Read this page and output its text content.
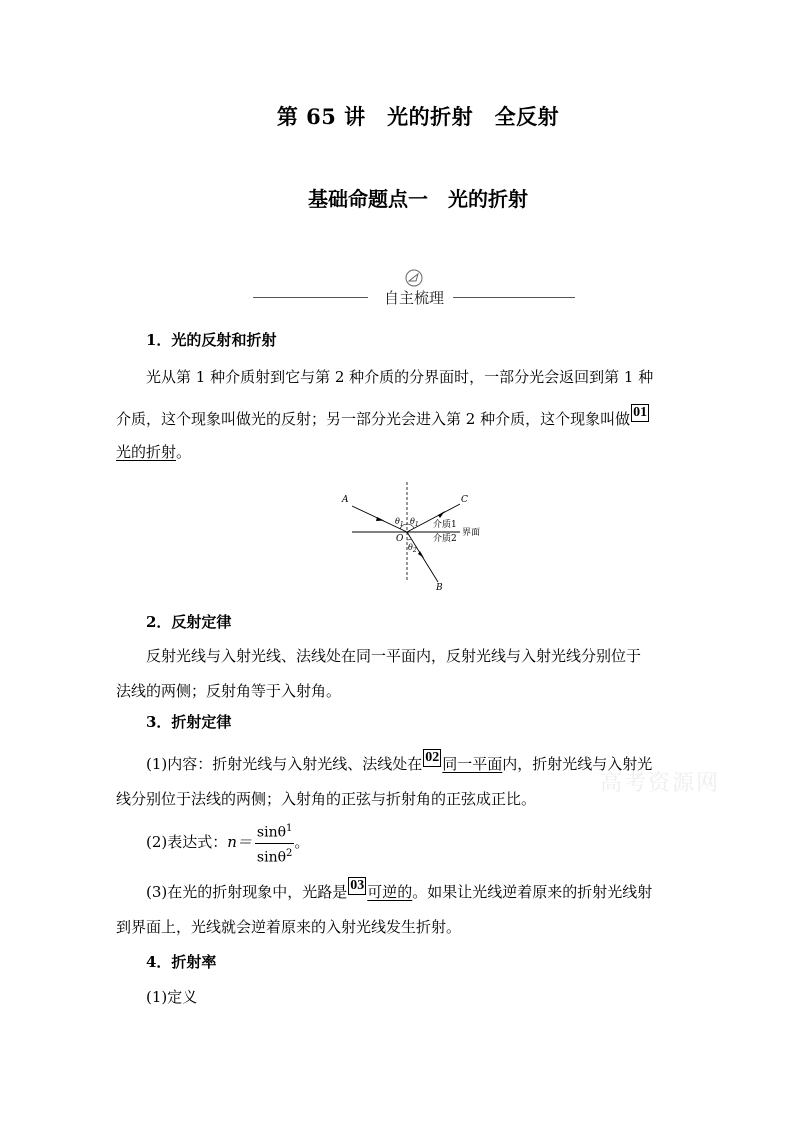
第 65 讲　光的折射　全反射
基础命题点一　光的折射
自主梳理
1．光的反射和折射
光从第 1 种介质射到它与第 2 种介质的分界面时，一部分光会返回到第 1 种
介质，这个现象叫做光的反射；另一部分光会进入第 2 种介质，这个现象叫做 01
光的折射。
A	C
B
O
$\theta_1$ $\theta_1$
$\theta_2$
介质1
介质2
界面
2．反射定律
反射光线与入射光线、法线处在同一平面内，反射光线与入射光线分别位于
法线的两侧；反射角等于入射角。
3．折射定律
(1)内容：折射光线与入射光线、法线处在 02 同一平面内，折射光线与入射光
线分别位于法线的两侧；入射角的正弦与折射角的正弦成正比。
(2)表达式：$n= \frac{\sin\theta^1}{\sin\theta^2}$ 。
(3)在光的折射现象中，光路是 03 可逆的。如果让光线逆着原来的折射光线射
到界面上，光线就会逆着原来的入射光线发生折射。
4．折射率
(1)定义
高考资源网
